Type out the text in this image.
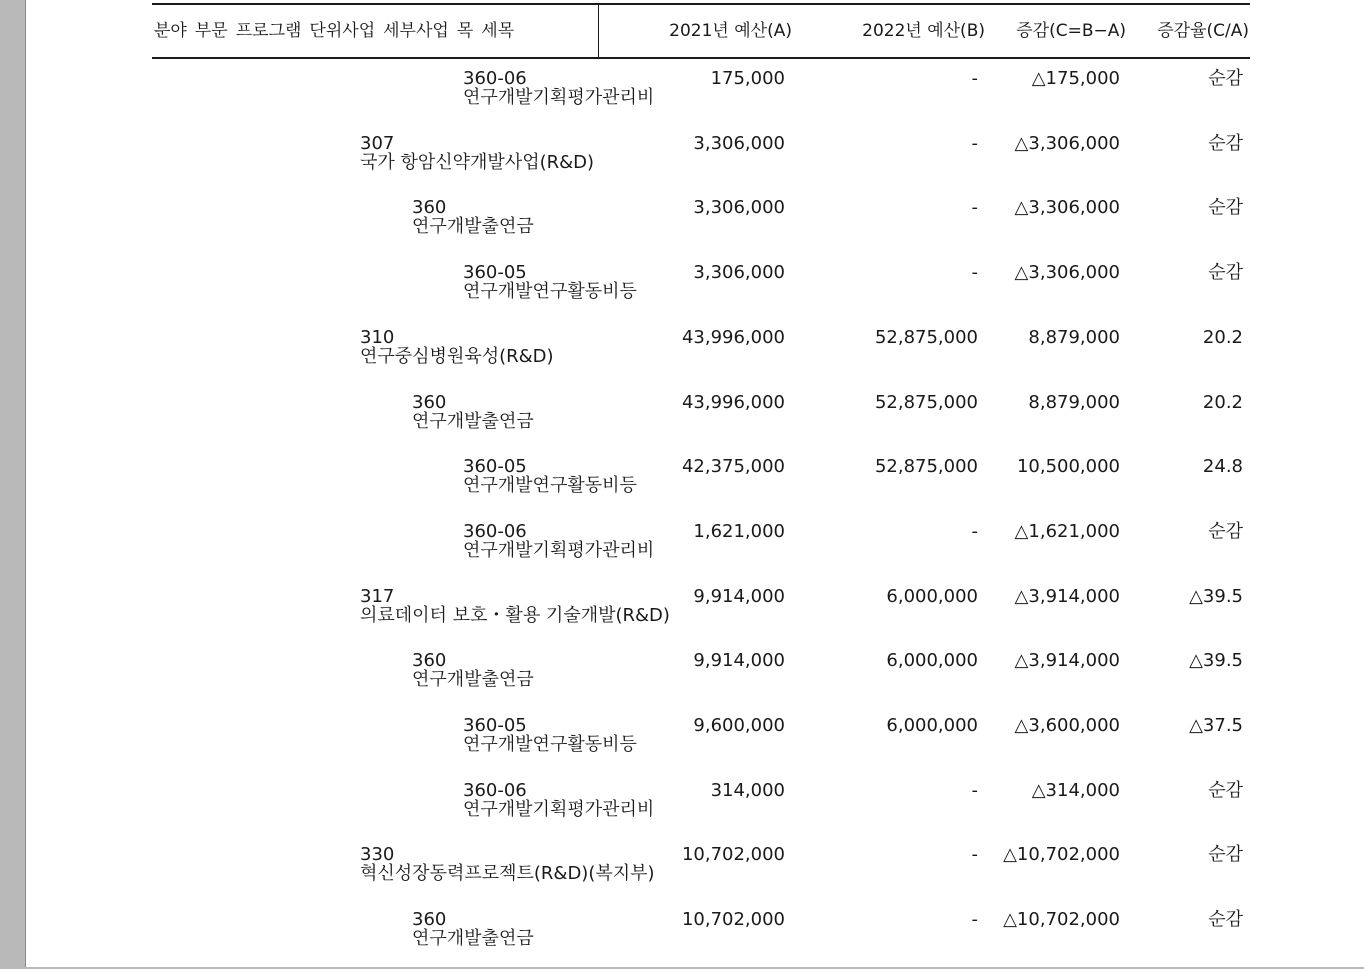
분야 부문 프로그램 단위사업 세부사업 목 세목	2021년 예산(A)	2022년 예산(B) 증감(C=B−A) 증감율(C/A)
360-06
연구개발기획평가관리비
175,000	-	△175,000	순감
307
국가 항암신약개발사업(R&D)
3,306,000	- △3,306,000	순감
360
연구개발출연금
3,306,000	- △3,306,000	순감
360-05
연구개발연구활동비등
3,306,000	- △3,306,000	순감
310
연구중심병원육성(R&D)
43,996,000	52,875,000	8,879,000	20.2
360
연구개발출연금
43,996,000	52,875,000	8,879,000	20.2
360-05
연구개발연구활동비등
42,375,000	52,875,000 10,500,000	24.8
360-06
연구개발기획평가관리비
1,621,000	- △1,621,000	순감
317
의료데이터 보호・활용 기술개발(R&D)
9,914,000	6,000,000 △3,914,000	△39.5
360
연구개발출연금
9,914,000	6,000,000 △3,914,000	△39.5
360-05
연구개발연구활동비등
9,600,000	6,000,000 △3,600,000	△37.5
360-06
연구개발기획평가관리비
314,000	-	△314,000	순감
330
혁신성장동력프로젝트(R&D)(복지부)
10,702,000	- △10,702,000	순감
360
연구개발출연금
10,702,000	- △10,702,000	순감
